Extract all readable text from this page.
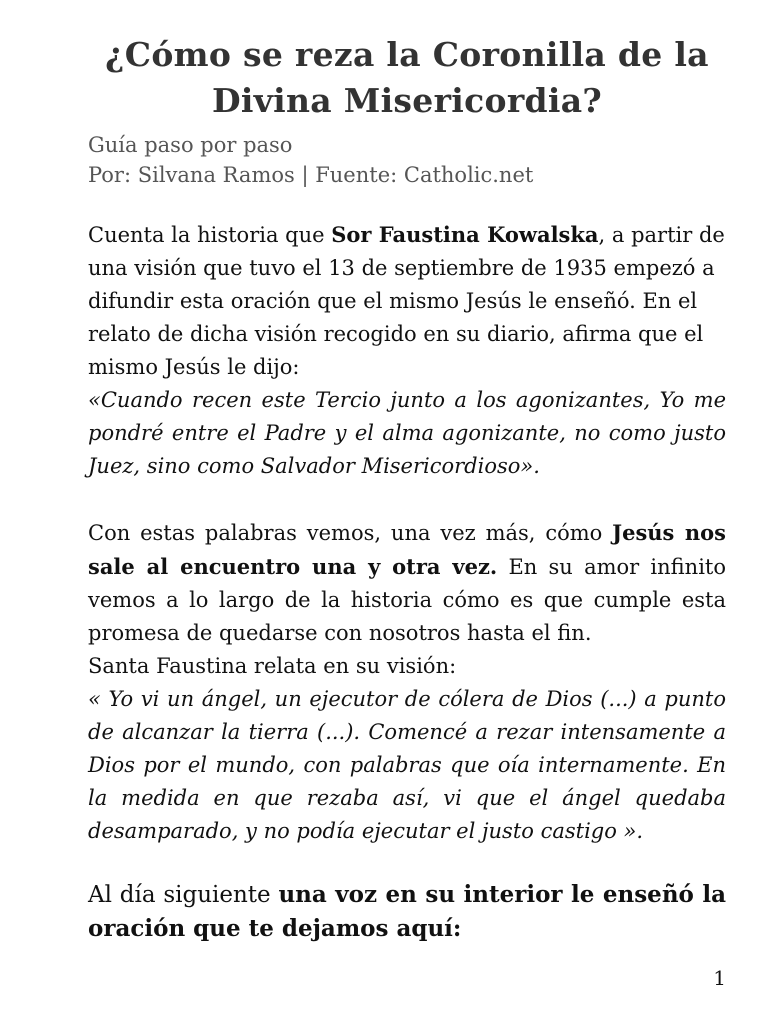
¿Cómo se reza la Coronilla de la
Divina Misericordia?
Guía paso por paso
Por: Silvana Ramos | Fuente: Catholic.net

Cuenta la historia que Sor Faustina Kowalska, a partir de una visión que tuvo el 13 de septiembre de 1935 empezó a difundir esta oración que el mismo Jesús le enseñó. En el relato de dicha visión recogido en su diario, afirma que el mismo Jesús le dijo:

«Cuando recen este Tercio junto a los agonizantes, Yo me pondré entre el Padre y el alma agonizante, no como justo Juez, sino como Salvador Misericordioso».

Con estas palabras vemos, una vez más, cómo Jesús nos sale al encuentro una y otra vez. En su amor infinito vemos a lo largo de la historia cómo es que cumple esta promesa de quedarse con nosotros hasta el fin.

Santa Faustina relata en su visión:

« Yo vi un ángel, un ejecutor de cólera de Dios (...) a punto de alcanzar la tierra (...). Comencé a rezar intensamente a Dios por el mundo, con palabras que oía internamente. En la medida en que rezaba así, vi que el ángel quedaba desamparado, y no podía ejecutar el justo castigo ».

Al día siguiente una voz en su interior le enseñó la oración que te dejamos aquí:

1
